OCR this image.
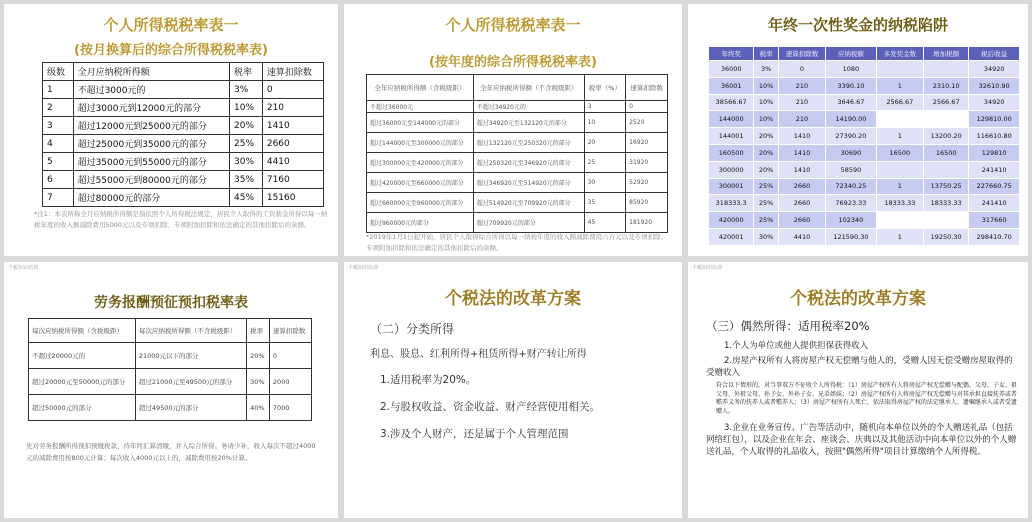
个人所得税税率表一
(按月换算后的综合所得税税率表)
级数	全月应纳税所得额	税率	速算扣除数
1	不超过3000元的	3%	0
2	超过3000元到12000元的部分	10%	210
3	超过12000元到25000元的部分	20%	1410
4	超过25000元到35000元的部分	25%	2660
5	超过35000元到55000元的部分	30%	4410
6	超过55000元到80000元的部分	35%	7160
7	超过80000元的部分	45%	15160
*注1：本表所称全月应纳税所得额是指依照个人所得税法规定，居民个人取得的工资薪金所得以每一纳税年度的收入额减除费用5000元以及专项扣除、专项附加扣除和依法确定的其他扣除后的余额。
个人所得税税率表一
(按年度的综合所得税税率表)
全年应纳税所得额（含税级距）	全年应纳税所得额（不含税级距）	税率（%）	速算扣除数
不超过36000元	不超过34920元的	3	0
超过36000元至144000元的部分	超过34920元至132120元的部分	10	2520
超过144000元至300000元的部分	超过132120元至250320元的部分	20	16920
超过300000元至420000元的部分	超过250320元至346920元的部分	25	31920
超过420000元至660000元的部分	超过346920元至514920元的部分	30	52920
超过660000元至960000元的部分	超过514920元至709920元的部分	35	85920
超过960000元的部分	超过709920元的部分	45	181920
*2019年1月1日起开始，居民个人取得综合所得以每一纳税年度的收入额减除费用六万元以及专项扣除、专项附加扣除和依法确定的其他扣除后的余额。
年终一次性奖金的纳税陷阱
年终奖	税率	速算扣除数	应纳税额	多发奖金数	增加税额	税后收益
36000	3%	0	1080			34920
36001	10%	210	3390.10	1	2310.10	32610.90
38566.67	10%	210	3646.67	2566.67	2566.67	34920
144000	10%	210	14190.00			129810.00
144001	20%	1410	27390.20	1	13200.20	116610.80
160500	20%	1410	30690	16500	16500	129810
300000	20%	1410	58590			241410
300001	25%	2660	72340.25	1	13750.25	227660.75
318333.3	25%	2660	76923.33	18333.33	18333.33	241410
420000	25%	2660	102340			317660
420001	30%	4410	121590.30	1	19250.30	298410.70
个税知识培训
劳务报酬预征预扣税率表
每次应纳税所得额（含税级距）	每次应纳税所得额（不含税级距）	税率	速算扣除数
不超过20000元的	21000元以下的部分	20%	0
超过20000元至50000元的部分	超过21000元至49500元的部分	30%	2000
超过50000元的部分	超过49500元的部分	40%	7000
先对劳务报酬所得预扣预缴税款，待年终汇算清缴，并入综合所得。务请少补，收入每次不超过4000元的减除费用按800元计算；每次收入4000元以上的，减除费用按20%计算。
个税知识培训
个税法的改革方案
（二）分类所得
利息、股息、红利所得+租赁所得+财产转让所得
1.适用税率为20%。
2.与股权收益、资金收益、财产经营使用相关。
3.涉及个人财产，还是属于个人管理范围
个税知识培训
个税法的改革方案
（三）偶然所得：适用税率20%
1.个人为单位或他人提供担保获得收入
2.房屋产权所有人将房屋产权无偿赠与他人的，受赠人因无偿受赠房屋取得的受赠收入
符合以下情形的，对当事双方不征收个人所得税：（1）房屋产权所有人将房屋产权无偿赠与配偶、父母、子女、祖父母、外祖父母、孙子女、外孙子女、兄弟姐妹；（2）房屋产权所有人将房屋产权无偿赠与对其承担直接抚养或者赡养义务的抚养人或者赡养人；（3）房屋产权所有人死亡，依法取得房屋产权的法定继承人、遗嘱继承人或者受遗赠人。
3.企业在业务宣传、广告等活动中，随机向本单位以外的个人赠送礼品（包括网络红包），以及企业在年会、座谈会、庆典以及其他活动中向本单位以外的个人赠送礼品，个人取得的礼品收入，按照"偶然所得"项目计算缴纳个人所得税。
